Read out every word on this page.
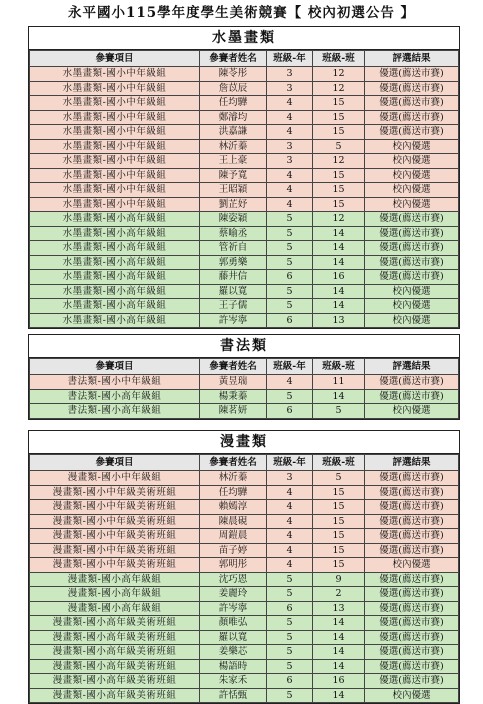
永平國小115學年度學生美術競賽【 校內初選公告 】
水墨畫類
參賽項目	參賽者姓名	班級-年	班級-班	評選結果
水墨畫類-國小中年級組	陳苓彤	3	12	優選(薦送市賽)
水墨畫類-國小中年級組	詹苡辰	3	12	優選(薦送市賽)
水墨畫類-國小中年級組	任均驊	4	15	優選(薦送市賽)
水墨畫類-國小中年級組	鄭濬均	4	15	優選(薦送市賽)
水墨畫類-國小中年級組	洪嘉謙	4	15	優選(薦送市賽)
水墨畫類-國小中年級組	林沂蓁	3	5	校內優選
水墨畫類-國小中年級組	王上豪	3	12	校內優選
水墨畫類-國小中年級組	陳予寬	4	15	校內優選
水墨畫類-國小中年級組	王昭穎	4	15	校內優選
水墨畫類-國小中年級組	劉芷妤	4	15	校內優選
水墨畫類-國小高年級組	陳姿穎	5	12	優選(薦送市賽)
水墨畫類-國小高年級組	蔡喻丞	5	14	優選(薦送市賽)
水墨畫類-國小高年級組	管祈自	5	14	優選(薦送市賽)
水墨畫類-國小高年級組	郭勇樂	5	14	優選(薦送市賽)
水墨畫類-國小高年級組	藤井信	6	16	優選(薦送市賽)
水墨畫類-國小高年級組	羅以寬	5	14	校內優選
水墨畫類-國小高年級組	王子儒	5	14	校內優選
水墨畫類-國小高年級組	許岑寧	6	13	校內優選
書法類
參賽項目	參賽者姓名	班級-年	班級-班	評選結果
書法類-國小中年級組	黃昱瑞	4	11	優選(薦送市賽)
書法類-國小高年級組	楊秉蓁	5	14	優選(薦送市賽)
書法類-國小高年級組	陳茗妍	6	5	校內優選
漫畫類
參賽項目	參賽者姓名	班級-年	班級-班	評選結果
漫畫類-國小中年級組	林沂蓁	3	5	優選(薦送市賽)
漫畫類-國小中年級美術班組	任均驊	4	15	優選(薦送市賽)
漫畫類-國小中年級美術班組	賴嫣淳	4	15	優選(薦送市賽)
漫畫類-國小中年級美術班組	陳晨硯	4	15	優選(薦送市賽)
漫畫類-國小中年級美術班組	周鎧晨	4	15	優選(薦送市賽)
漫畫類-國小中年級美術班組	苗子婷	4	15	優選(薦送市賽)
漫畫類-國小中年級美術班組	郭明彤	4	15	校內優選
漫畫類-國小高年級組	沈巧恩	5	9	優選(薦送市賽)
漫畫類-國小高年級組	姜麗玲	5	2	優選(薦送市賽)
漫畫類-國小高年級組	許岑寧	6	13	優選(薦送市賽)
漫畫類-國小高年級美術班組	顏唯弘	5	14	優選(薦送市賽)
漫畫類-國小高年級美術班組	羅以寬	5	14	優選(薦送市賽)
漫畫類-國小高年級美術班組	姜樂芯	5	14	優選(薦送市賽)
漫畫類-國小高年級美術班組	楊語時	5	14	優選(薦送市賽)
漫畫類-國小高年級美術班組	朱家禾	6	16	優選(薦送市賽)
漫畫類-國小高年級美術班組	許恬甄	5	14	校內優選
